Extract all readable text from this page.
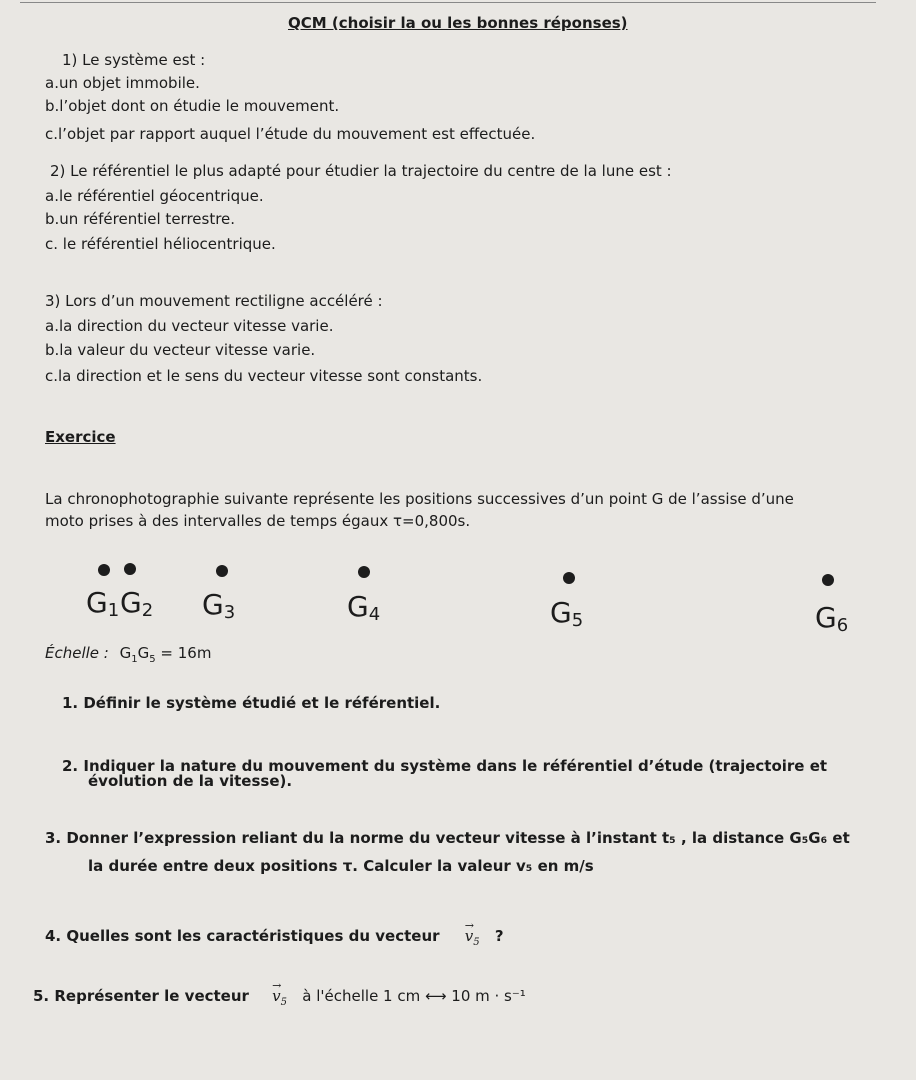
QCM (choisir la ou les bonnes réponses)
1) Le système est :
a.un objet immobile.
b.l’objet dont on étudie le mouvement.
c.l’objet par rapport auquel l’étude du mouvement est effectuée.
2) Le référentiel le plus adapté pour étudier la trajectoire du centre de la lune est :
a.le référentiel géocentrique.
b.un référentiel terrestre.
c. le référentiel héliocentrique.
3) Lors d’un mouvement rectiligne accéléré :
a.la direction du vecteur vitesse varie.
b.la valeur du vecteur vitesse varie.
c.la direction et le sens du vecteur vitesse sont constants.
Exercice
La chronophotographie suivante représente les positions successives d’un point G de l’assise d’une
moto prises à des intervalles de temps égaux τ=0,800s.
$G_1$ $G_2$ $G_3$	$G_4$	$G_5$	$G_6$
Échelle : $G_1G_5 = 16m$
1. Définir le système étudié et le référentiel.
2. Indiquer la nature du mouvement du système dans le référentiel d’étude (trajectoire et
évolution de la vitesse).
3. Donner l’expression reliant du la norme du vecteur vitesse à l’instant t₅ , la distance G₅G₆ et
la durée entre deux positions τ. Calculer la valeur v₅ en m/s
4. Quelles sont les caractéristiques du vecteur → $v_5$ ?
5. Représenter le vecteur → $v_5$ à l'échelle 1 cm ⟷ 10 m · s⁻¹
